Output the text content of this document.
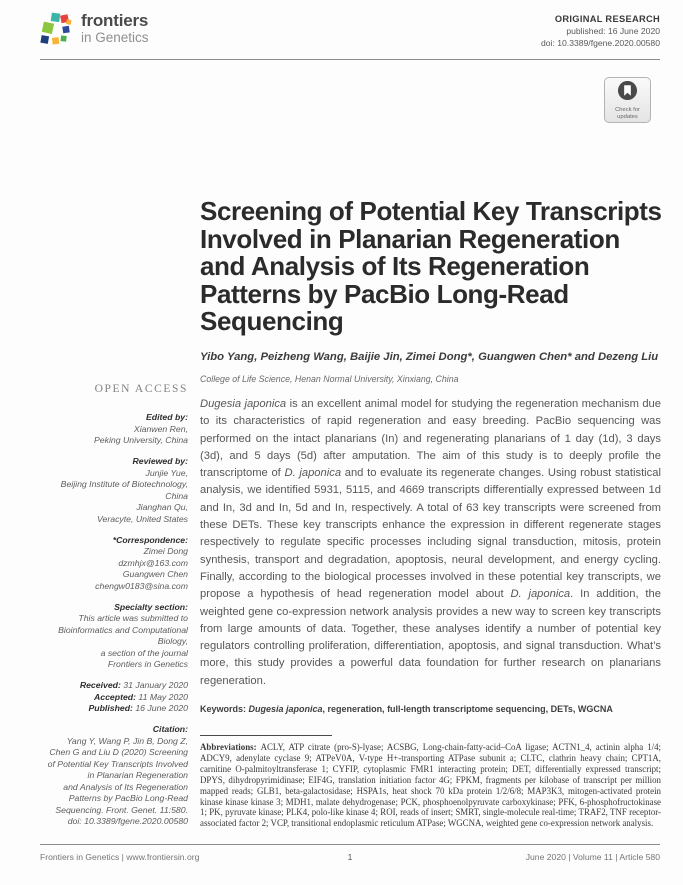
frontiers
in Genetics
ORIGINAL RESEARCH
published: 16 June 2020
doi: 10.3389/fgene.2020.00580
Check for
updates
Screening of Potential Key Transcripts Involved in Planarian Regeneration and Analysis of Its Regeneration Patterns by PacBio Long-Read Sequencing
Yibo Yang, Peizheng Wang, Baijie Jin, Zimei Dong*, Guangwen Chen* and Dezeng Liu
College of Life Science, Henan Normal University, Xinxiang, China
OPEN ACCESS
Edited by:
Xianwen Ren,
Peking University, China
Reviewed by:
Junjie Yue,
Beijing Institute of Biotechnology,
China
Jianghan Qu,
Veracyte, United States
*Correspondence:
Zimei Dong
dzmhjx@163.com
Guangwen Chen
chengw0183@sina.com
Specialty section:
This article was submitted to
Bioinformatics and Computational
Biology,
a section of the journal
Frontiers in Genetics
Received: 31 January 2020
Accepted: 11 May 2020
Published: 16 June 2020
Citation:
Yang Y, Wang P, Jin B, Dong Z,
Chen G and Liu D (2020) Screening
of Potential Key Transcripts Involved
in Planarian Regeneration
and Analysis of Its Regeneration
Patterns by PacBio Long-Read
Sequencing. Front. Genet. 11:580.
doi: 10.3389/fgene.2020.00580

Dugesia japonica is an excellent animal model for studying the regeneration mechanism due to its characteristics of rapid regeneration and easy breeding. PacBio sequencing was performed on the intact planarians (In) and regenerating planarians of 1 day (1d), 3 days (3d), and 5 days (5d) after amputation. The aim of this study is to deeply profile the transcriptome of D. japonica and to evaluate its regenerate changes. Using robust statistical analysis, we identified 5931, 5115, and 4669 transcripts differentially expressed between 1d and In, 3d and In, 5d and In, respectively. A total of 63 key transcripts were screened from these DETs. These key transcripts enhance the expression in different regenerate stages respectively to regulate specific processes including signal transduction, mitosis, protein synthesis, transport and degradation, apoptosis, neural development, and energy cycling. Finally, according to the biological processes involved in these potential key transcripts, we propose a hypothesis of head regeneration model about D. japonica. In addition, the weighted gene co-expression network analysis provides a new way to screen key transcripts from large amounts of data. Together, these analyses identify a number of potential key regulators controlling proliferation, differentiation, apoptosis, and signal transduction. What’s more, this study provides a powerful data foundation for further research on planarians regeneration.

Keywords: Dugesia japonica, regeneration, full-length transcriptome sequencing, DETs, WGCNA

Abbreviations: ACLY, ATP citrate (pro-S)-lyase; ACSBG, Long-chain-fatty-acid–CoA ligase; ACTN1_4, actinin alpha 1/4; ADCY9, adenylate cyclase 9; ATPeV0A, V-type H+-transporting ATPase subunit a; CLTC, clathrin heavy chain; CPT1A, carnitine O-palmitoyltransferase 1; CYFIP, cytoplasmic FMR1 interacting protein; DET, differentially expressed transcript; DPYS, dihydropyrimidinase; EIF4G, translation initiation factor 4G; FPKM, fragments per kilobase of transcript per million mapped reads; GLB1, beta-galactosidase; HSPA1s, heat shock 70 kDa protein 1/2/6/8; MAP3K3, mitogen-activated protein kinase kinase kinase 3; MDH1, malate dehydrogenase; PCK, phosphoenolpyruvate carboxykinase; PFK, 6-phosphofructokinase 1; PK, pyruvate kinase; PLK4, polo-like kinase 4; ROI, reads of insert; SMRT, single-molecule real-time; TRAF2, TNF receptor-associated factor 2; VCP, transitional endoplasmic reticulum ATPase; WGCNA, weighted gene co-expression network analysis.

Frontiers in Genetics | www.frontiersin.org	1	June 2020 | Volume 11 | Article 580
